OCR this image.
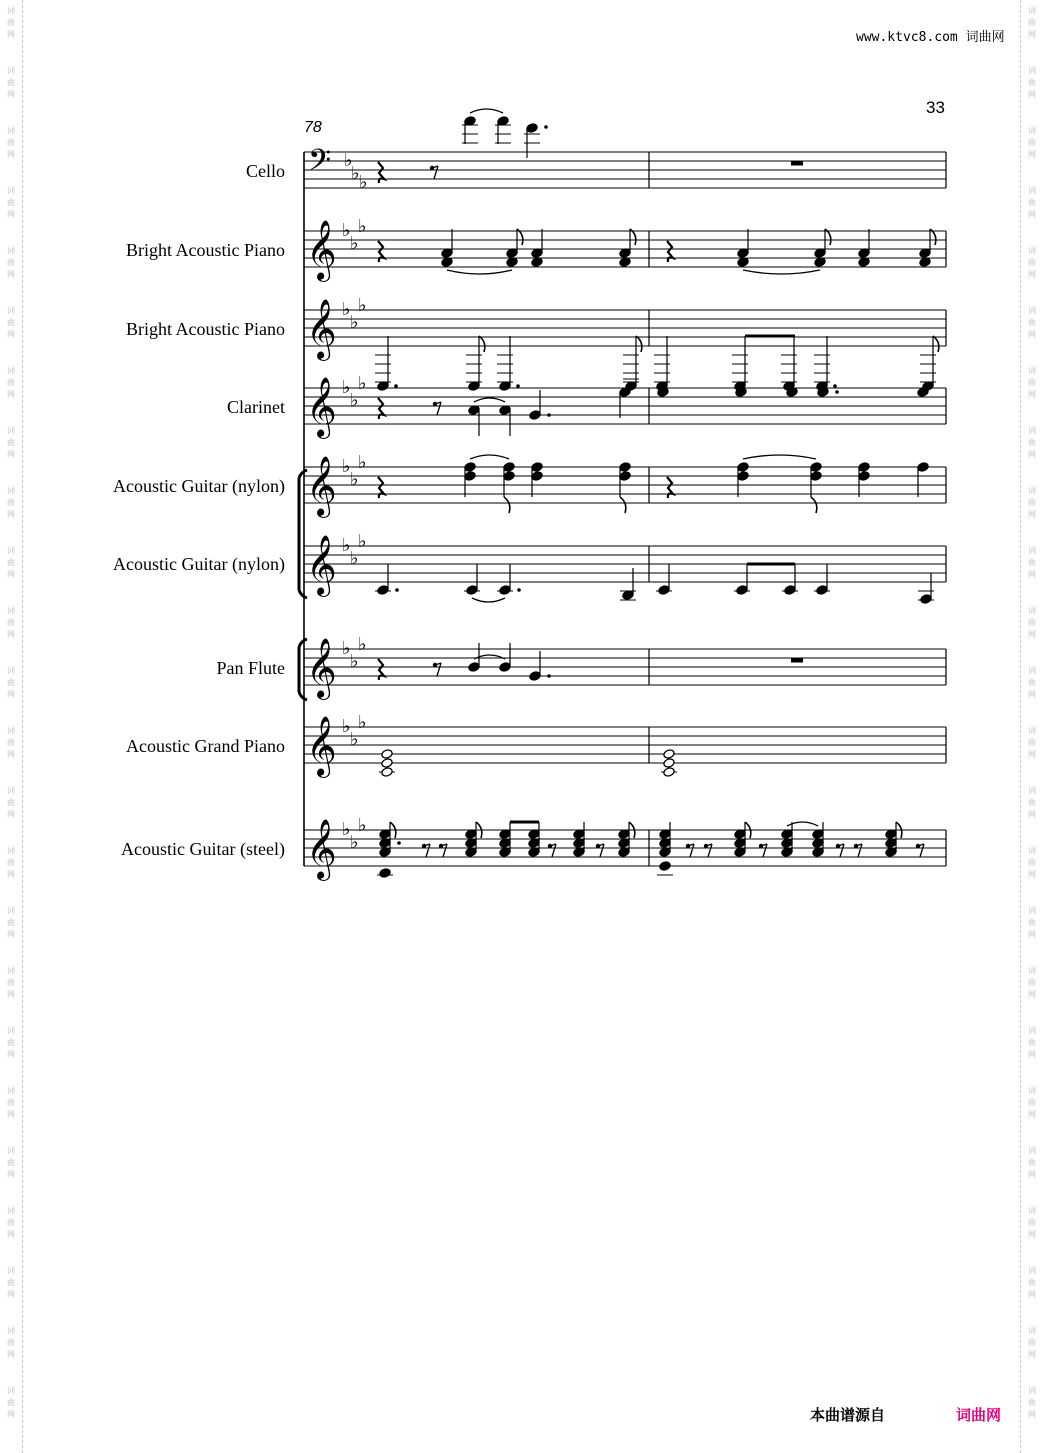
词
曲
网
词
曲
网
词
曲
网
词
曲
网
词
曲
网
词
曲
网
词
曲
网
词
曲
网
词
曲
网
词
曲
网
词
曲
网
词
曲
网
词
曲
网
词
曲
网
词
曲
网
词
曲
网
词
曲
网
词
曲
网
词
曲
网
词
曲
网
词
曲
网
词
曲
网
词
曲
网
词
曲
网
词
曲
网
词
曲
网
词
曲
网
词
曲
网
词
曲
网
词
曲
网
词
曲
网
词
曲
网
词
曲
网
词
曲
网
词
曲
网
词
曲
网
词
曲
网
词
曲
网
词
曲
网
词
曲
网
词
曲
网
词
曲
网
词
曲
网
词
曲
网
词
曲
网
词
曲
网
词
曲
网
词
曲
网
www.ktvc8.com 词曲网
33
78
Cello
Bright Acoustic Piano
Bright Acoustic Piano
Clarinet
Acoustic Guitar (nylon)
Acoustic Guitar (nylon)
Pan Flute
Acoustic Grand Piano
Acoustic Guitar (steel)
𝄢 ♭
♭ ♭
𝄞 ♭
♭
♭
𝄞 ♭
♭
♭
𝄞 ♭
♭
♭
𝄞 ♭
♭
♭
𝄞 ♭
♭
♭
𝄞 ♭
♭
♭
𝄞 ♭
♭
♭
𝄞 ♭
♭
♭
本曲谱源自	词曲网
